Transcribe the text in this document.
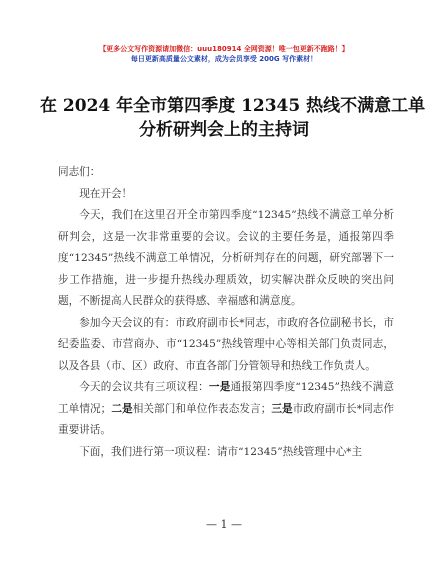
【更多公文写作资源请加微信：uuu180914 全网资源！唯一包更新不跑路！】
每日更新高质量公文素材，成为会员享受 200G 写作素材！
在 2024 年全市第四季度 12345 热线不满意工单
分析研判会上的主持词

同志们：

现在开会！

今天，我们在这里召开全市第四季度“12345”热线不满意工单分析研判会，这是一次非常重要的会议。会议的主要任务是，通报第四季度“12345”热线不满意工单情况，分析研判存在的问题，研究部署下一步工作措施，进一步提升热线办理质效，切实解决群众反映的突出问题，不断提高人民群众的获得感、幸福感和满意度。

参加今天会议的有：市政府副市长*同志，市政府各位副秘书长，市纪委监委、市营商办、市“12345”热线管理中心等相关部门负责同志，以及各县（市、区）政府、市直各部门分管领导和热线工作负责人。

今天的会议共有三项议程：一是通报第四季度“12345”热线不满意工单情况；二是相关部门和单位作表态发言；三是市政府副市长*同志作重要讲话。

下面，我们进行第一项议程：请市“12345”热线管理中心*主

— 1 —
